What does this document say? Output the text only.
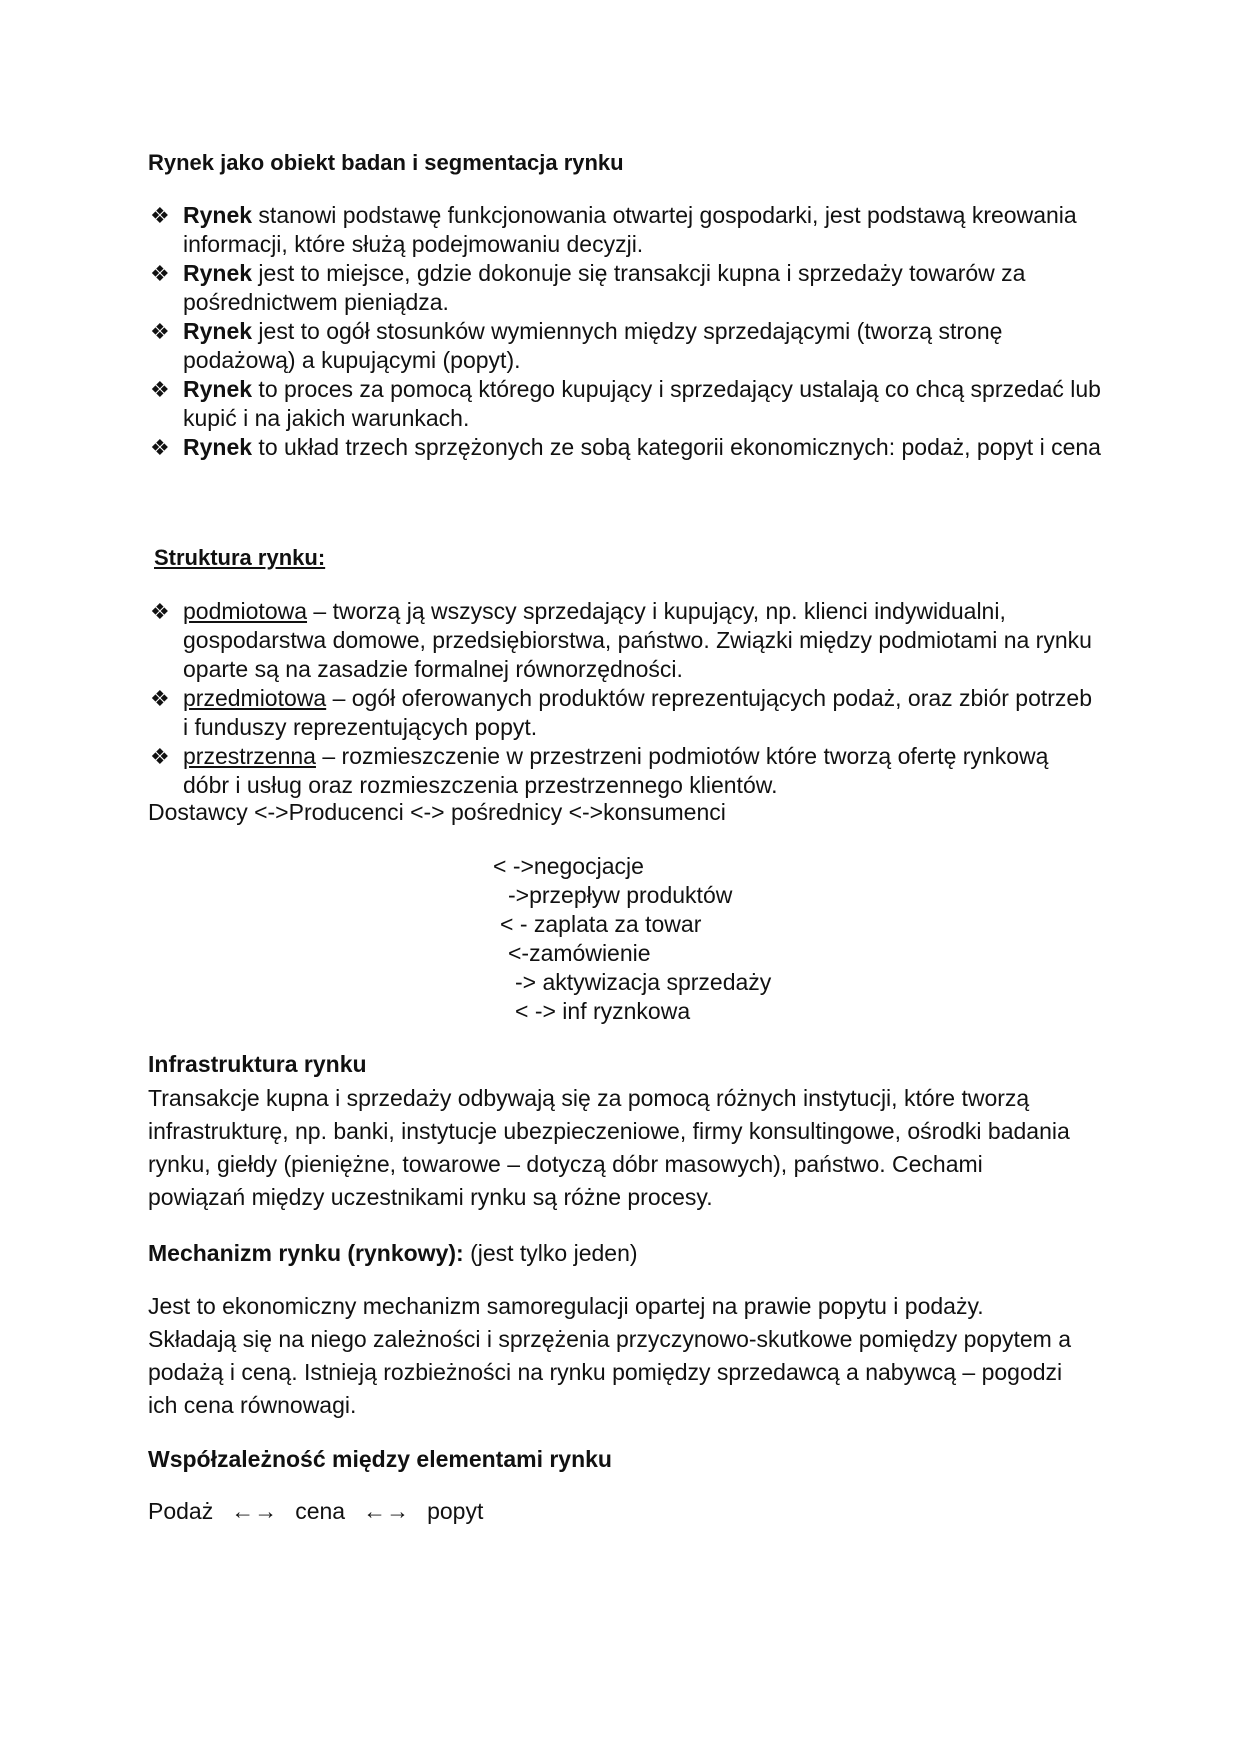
Rynek jako obiekt badan i segmentacja rynku
❖ Rynek stanowi podstawę funkcjonowania otwartej gospodarki, jest podstawą kreowania informacji, które służą podejmowaniu decyzji.
❖ Rynek jest to miejsce, gdzie dokonuje się transakcji kupna i sprzedaży towarów za pośrednictwem pieniądza.
❖ Rynek jest to ogół stosunków wymiennych między sprzedającymi (tworzą stronę podażową) a kupującymi (popyt).
❖ Rynek to proces za pomocą którego kupujący i sprzedający ustalają co chcą sprzedać lub kupić i na jakich warunkach.
❖ Rynek to układ trzech sprzężonych ze sobą kategorii ekonomicznych: podaż, popyt i cena
Struktura rynku:
❖ podmiotowa – tworzą ją wszyscy sprzedający i kupujący, np. klienci indywidualni, gospodarstwa domowe, przedsiębiorstwa, państwo. Związki między podmiotami na rynku oparte są na zasadzie formalnej równorzędności.
❖ przedmiotowa – ogół oferowanych produktów reprezentujących podaż, oraz zbiór potrzeb i funduszy reprezentujących popyt.
❖ przestrzenna – rozmieszczenie w przestrzeni podmiotów które tworzą ofertę rynkową dóbr i usług oraz rozmieszczenia przestrzennego klientów.
Dostawcy <->Producenci <-> pośrednicy <->konsumenci
< ->negocjacje
->przepływ produktów
< - zaplata za towar
<-zamówienie
-> aktywizacja sprzedaży
< -> inf ryznkowa
Infrastruktura rynku
Transakcje kupna i sprzedaży odbywają się za pomocą różnych instytucji, które tworzą infrastrukturę, np. banki, instytucje ubezpieczeniowe, firmy konsultingowe, ośrodki badania rynku, giełdy (pieniężne, towarowe – dotyczą dóbr masowych), państwo. Cechami powiązań między uczestnikami rynku są różne procesy.
Mechanizm rynku (rynkowy): (jest tylko jeden)
Jest to ekonomiczny mechanizm samoregulacji opartej na prawie popytu i podaży. Składają się na niego zależności i sprzężenia przyczynowo-skutkowe pomiędzy popytem a podażą i ceną. Istnieją rozbieżności na rynku pomiędzy sprzedawcą a nabywcą – pogodzi ich cena równowagi.
Współzależność między elementami rynku
Podaż ←→ cena ←→ popyt
